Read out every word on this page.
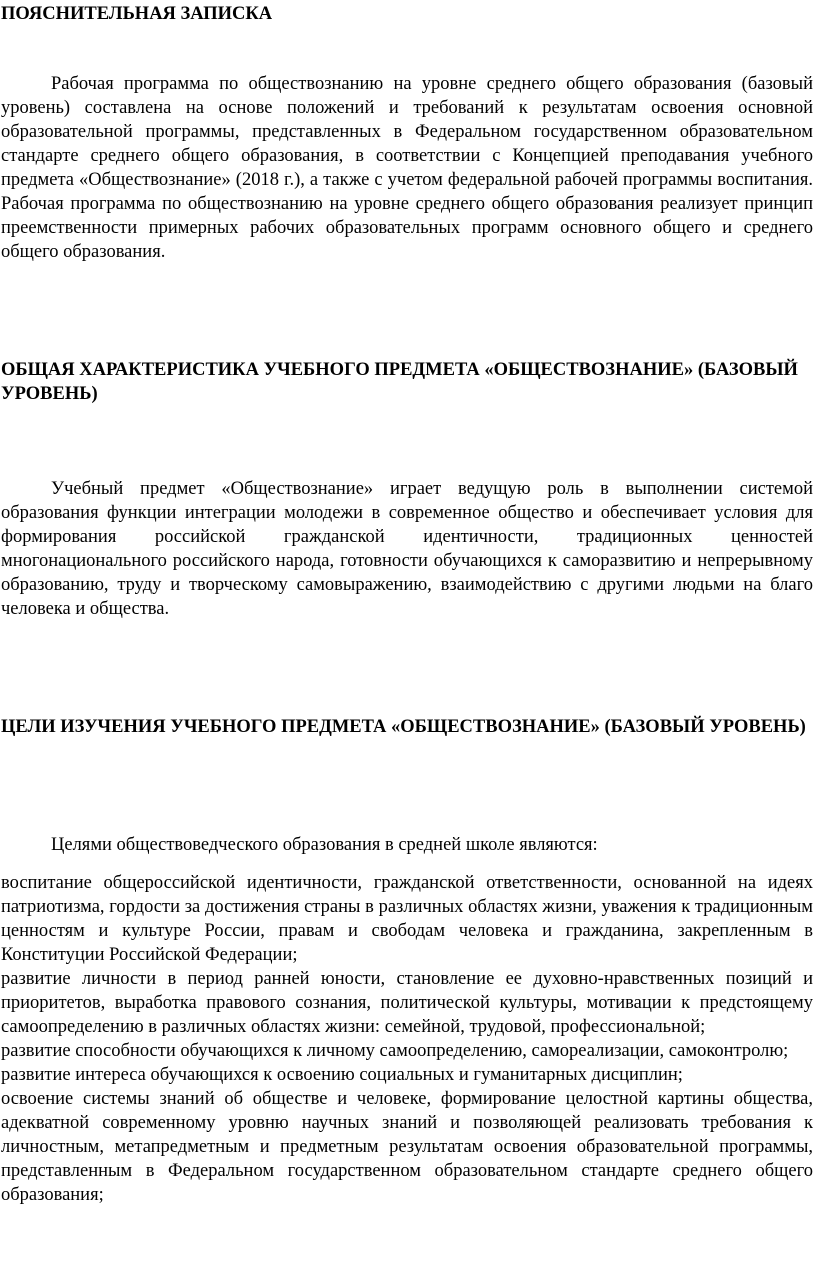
ПОЯСНИТЕЛЬНАЯ ЗАПИСКА

Рабочая программа по обществознанию на уровне среднего общего образования (базовый уровень) составлена на основе положений и требований к результатам освоения основной образовательной программы, представленных в Федеральном государственном образовательном стандарте среднего общего образования, в соответствии с Концепцией преподавания учебного предмета «Обществознание» (2018 г.), а также с учетом федеральной рабочей программы воспитания. Рабочая программа по обществознанию на уровне среднего общего образования реализует принцип преемственности примерных рабочих образовательных программ основного общего и среднего общего образования.

ОБЩАЯ ХАРАКТЕРИСТИКА УЧЕБНОГО ПРЕДМЕТА «ОБЩЕСТВОЗНАНИЕ» (БАЗОВЫЙ УРОВЕНЬ)

Учебный предмет «Обществознание» играет ведущую роль в выполнении системой образования функции интеграции молодежи в современное общество и обеспечивает условия для формирования российской гражданской идентичности, традиционных ценностей многонационального российского народа, готовности обучающихся к саморазвитию и непрерывному образованию, труду и творческому самовыражению, взаимодействию с другими людьми на благо человека и общества.

ЦЕЛИ ИЗУЧЕНИЯ УЧЕБНОГО ПРЕДМЕТА «ОБЩЕСТВОЗНАНИЕ» (БАЗОВЫЙ УРОВЕНЬ)

Целями обществоведческого образования в средней школе являются:

воспитание общероссийской идентичности, гражданской ответственности, основанной на идеях патриотизма, гордости за достижения страны в различных областях жизни, уважения к традиционным ценностям и культуре России, правам и свободам человека и гражданина, закрепленным в Конституции Российской Федерации;
развитие личности в период ранней юности, становление ее духовно-нравственных позиций и приоритетов, выработка правового сознания, политической культуры, мотивации к предстоящему самоопределению в различных областях жизни: семейной, трудовой, профессиональной;
развитие способности обучающихся к личному самоопределению, самореализации, самоконтролю;
развитие интереса обучающихся к освоению социальных и гуманитарных дисциплин;
освоение системы знаний об обществе и человеке, формирование целостной картины общества, адекватной современному уровню научных знаний и позволяющей реализовать требования к личностным, метапредметным и предметным результатам освоения образовательной программы, представленным в Федеральном государственном образовательном стандарте среднего общего образования;
